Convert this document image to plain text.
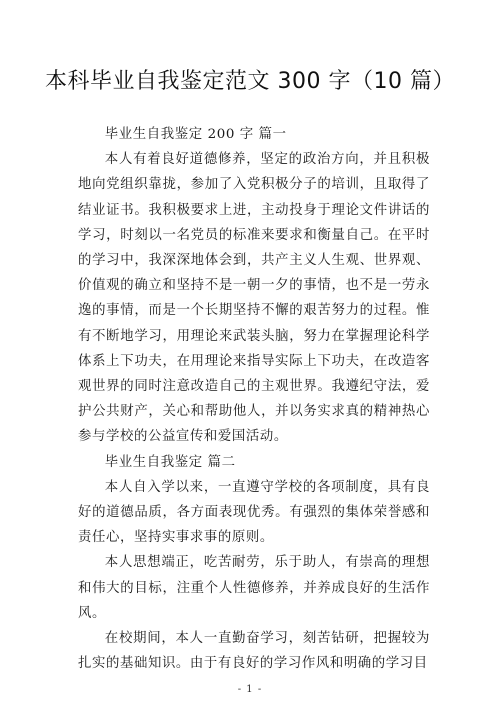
本科毕业自我鉴定范文 300 字（10 篇）

毕业生自我鉴定 200 字 篇一

本人有着良好道德修养，坚定的政治方向，并且积极地向党组织靠拢，参加了入党积极分子的培训，且取得了结业证书。我积极要求上进，主动投身于理论文件讲话的学习，时刻以一名党员的标准来要求和衡量自己。在平时的学习中，我深深地体会到，共产主义人生观、世界观、价值观的确立和坚持不是一朝一夕的事情，也不是一劳永逸的事情，而是一个长期坚持不懈的艰苦努力的过程。惟有不断地学习，用理论来武装头脑，努力在掌握理论科学体系上下功夫，在用理论来指导实际上下功夫，在改造客观世界的同时注意改造自己的主观世界。我遵纪守法，爱护公共财产，关心和帮助他人，并以务实求真的精神热心参与学校的公益宣传和爱国活动。

毕业生自我鉴定 篇二

本人自入学以来，一直遵守学校的各项制度，具有良好的道德品质，各方面表现优秀。有强烈的集体荣誉感和责任心，坚持实事求事的原则。

本人思想端正，吃苦耐劳，乐于助人，有崇高的理想和伟大的目标，注重个人性德修养，并养成良好的生活作风。

在校期间，本人一直勤奋学习，刻苦钻研，把握较为扎实的基础知识。由于有良好的学习作风和明确的学习目

- 1 -
